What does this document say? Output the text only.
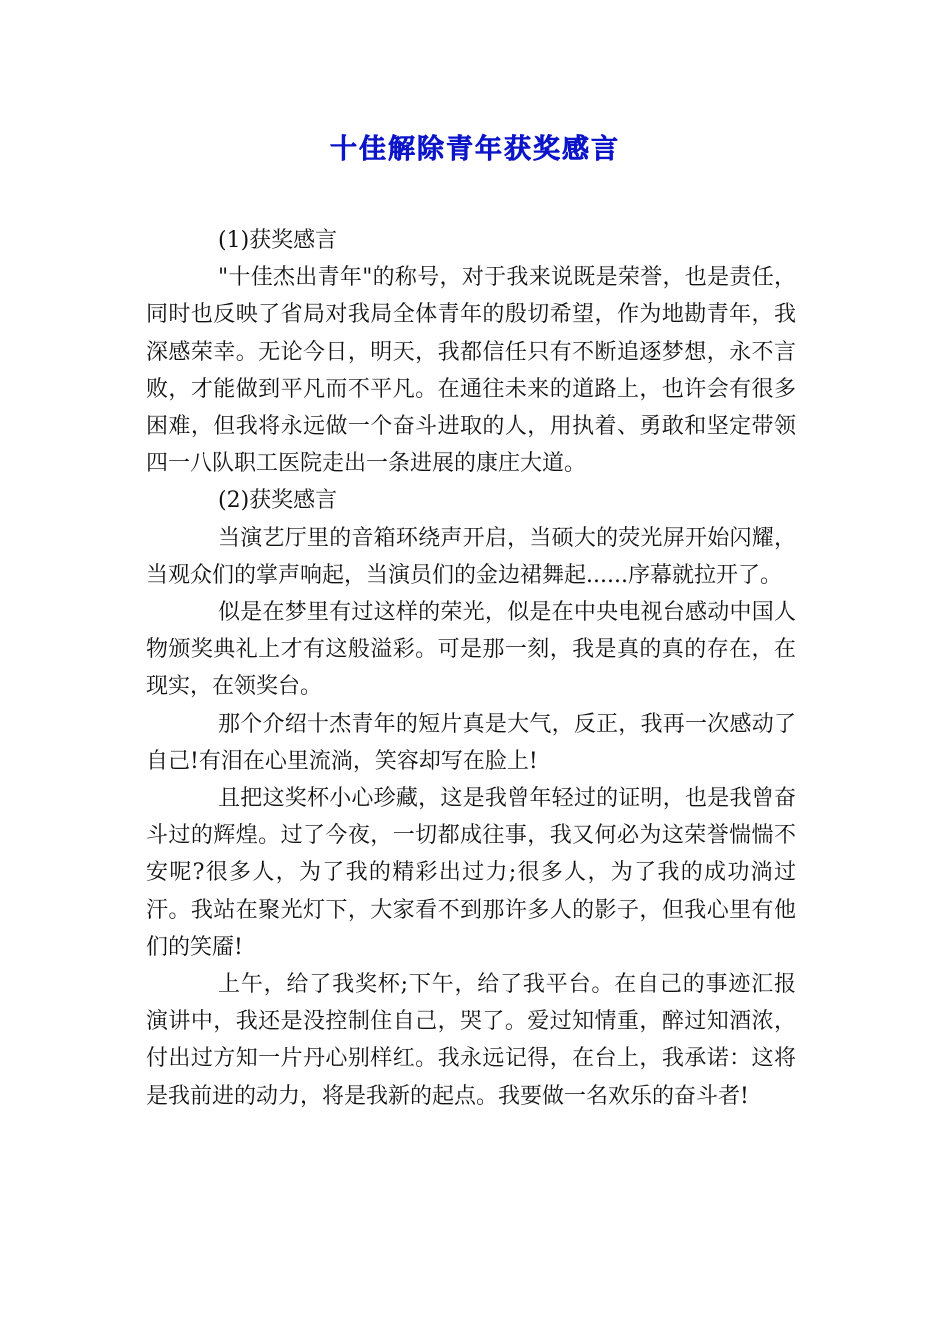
十佳解除青年获奖感言

(1)获奖感言

"十佳杰出青年"的称号，对于我来说既是荣誉，也是责任，同时也反映了省局对我局全体青年的殷切希望，作为地勘青年，我深感荣幸。无论今日，明天，我都信任只有不断追逐梦想，永不言败，才能做到平凡而不平凡。在通往未来的道路上，也许会有很多困难，但我将永远做一个奋斗进取的人，用执着、勇敢和坚定带领四一八队职工医院走出一条进展的康庄大道。

(2)获奖感言

当演艺厅里的音箱环绕声开启，当硕大的荧光屏开始闪耀，当观众们的掌声响起，当演员们的金边裙舞起......序幕就拉开了。

似是在梦里有过这样的荣光，似是在中央电视台感动中国人物颁奖典礼上才有这般溢彩。可是那一刻，我是真的真的存在，在现实，在领奖台。

那个介绍十杰青年的短片真是大气，反正，我再一次感动了自己!有泪在心里流淌，笑容却写在脸上!

且把这奖杯小心珍藏，这是我曾年轻过的证明，也是我曾奋斗过的辉煌。过了今夜，一切都成往事，我又何必为这荣誉惴惴不安呢?很多人，为了我的精彩出过力;很多人，为了我的成功淌过汗。我站在聚光灯下，大家看不到那许多人的影子，但我心里有他们的笑靥!

上午，给了我奖杯;下午，给了我平台。在自己的事迹汇报演讲中，我还是没控制住自己，哭了。爱过知情重，醉过知酒浓，付出过方知一片丹心别样红。我永远记得，在台上，我承诺：这将是我前进的动力，将是我新的起点。我要做一名欢乐的奋斗者!
